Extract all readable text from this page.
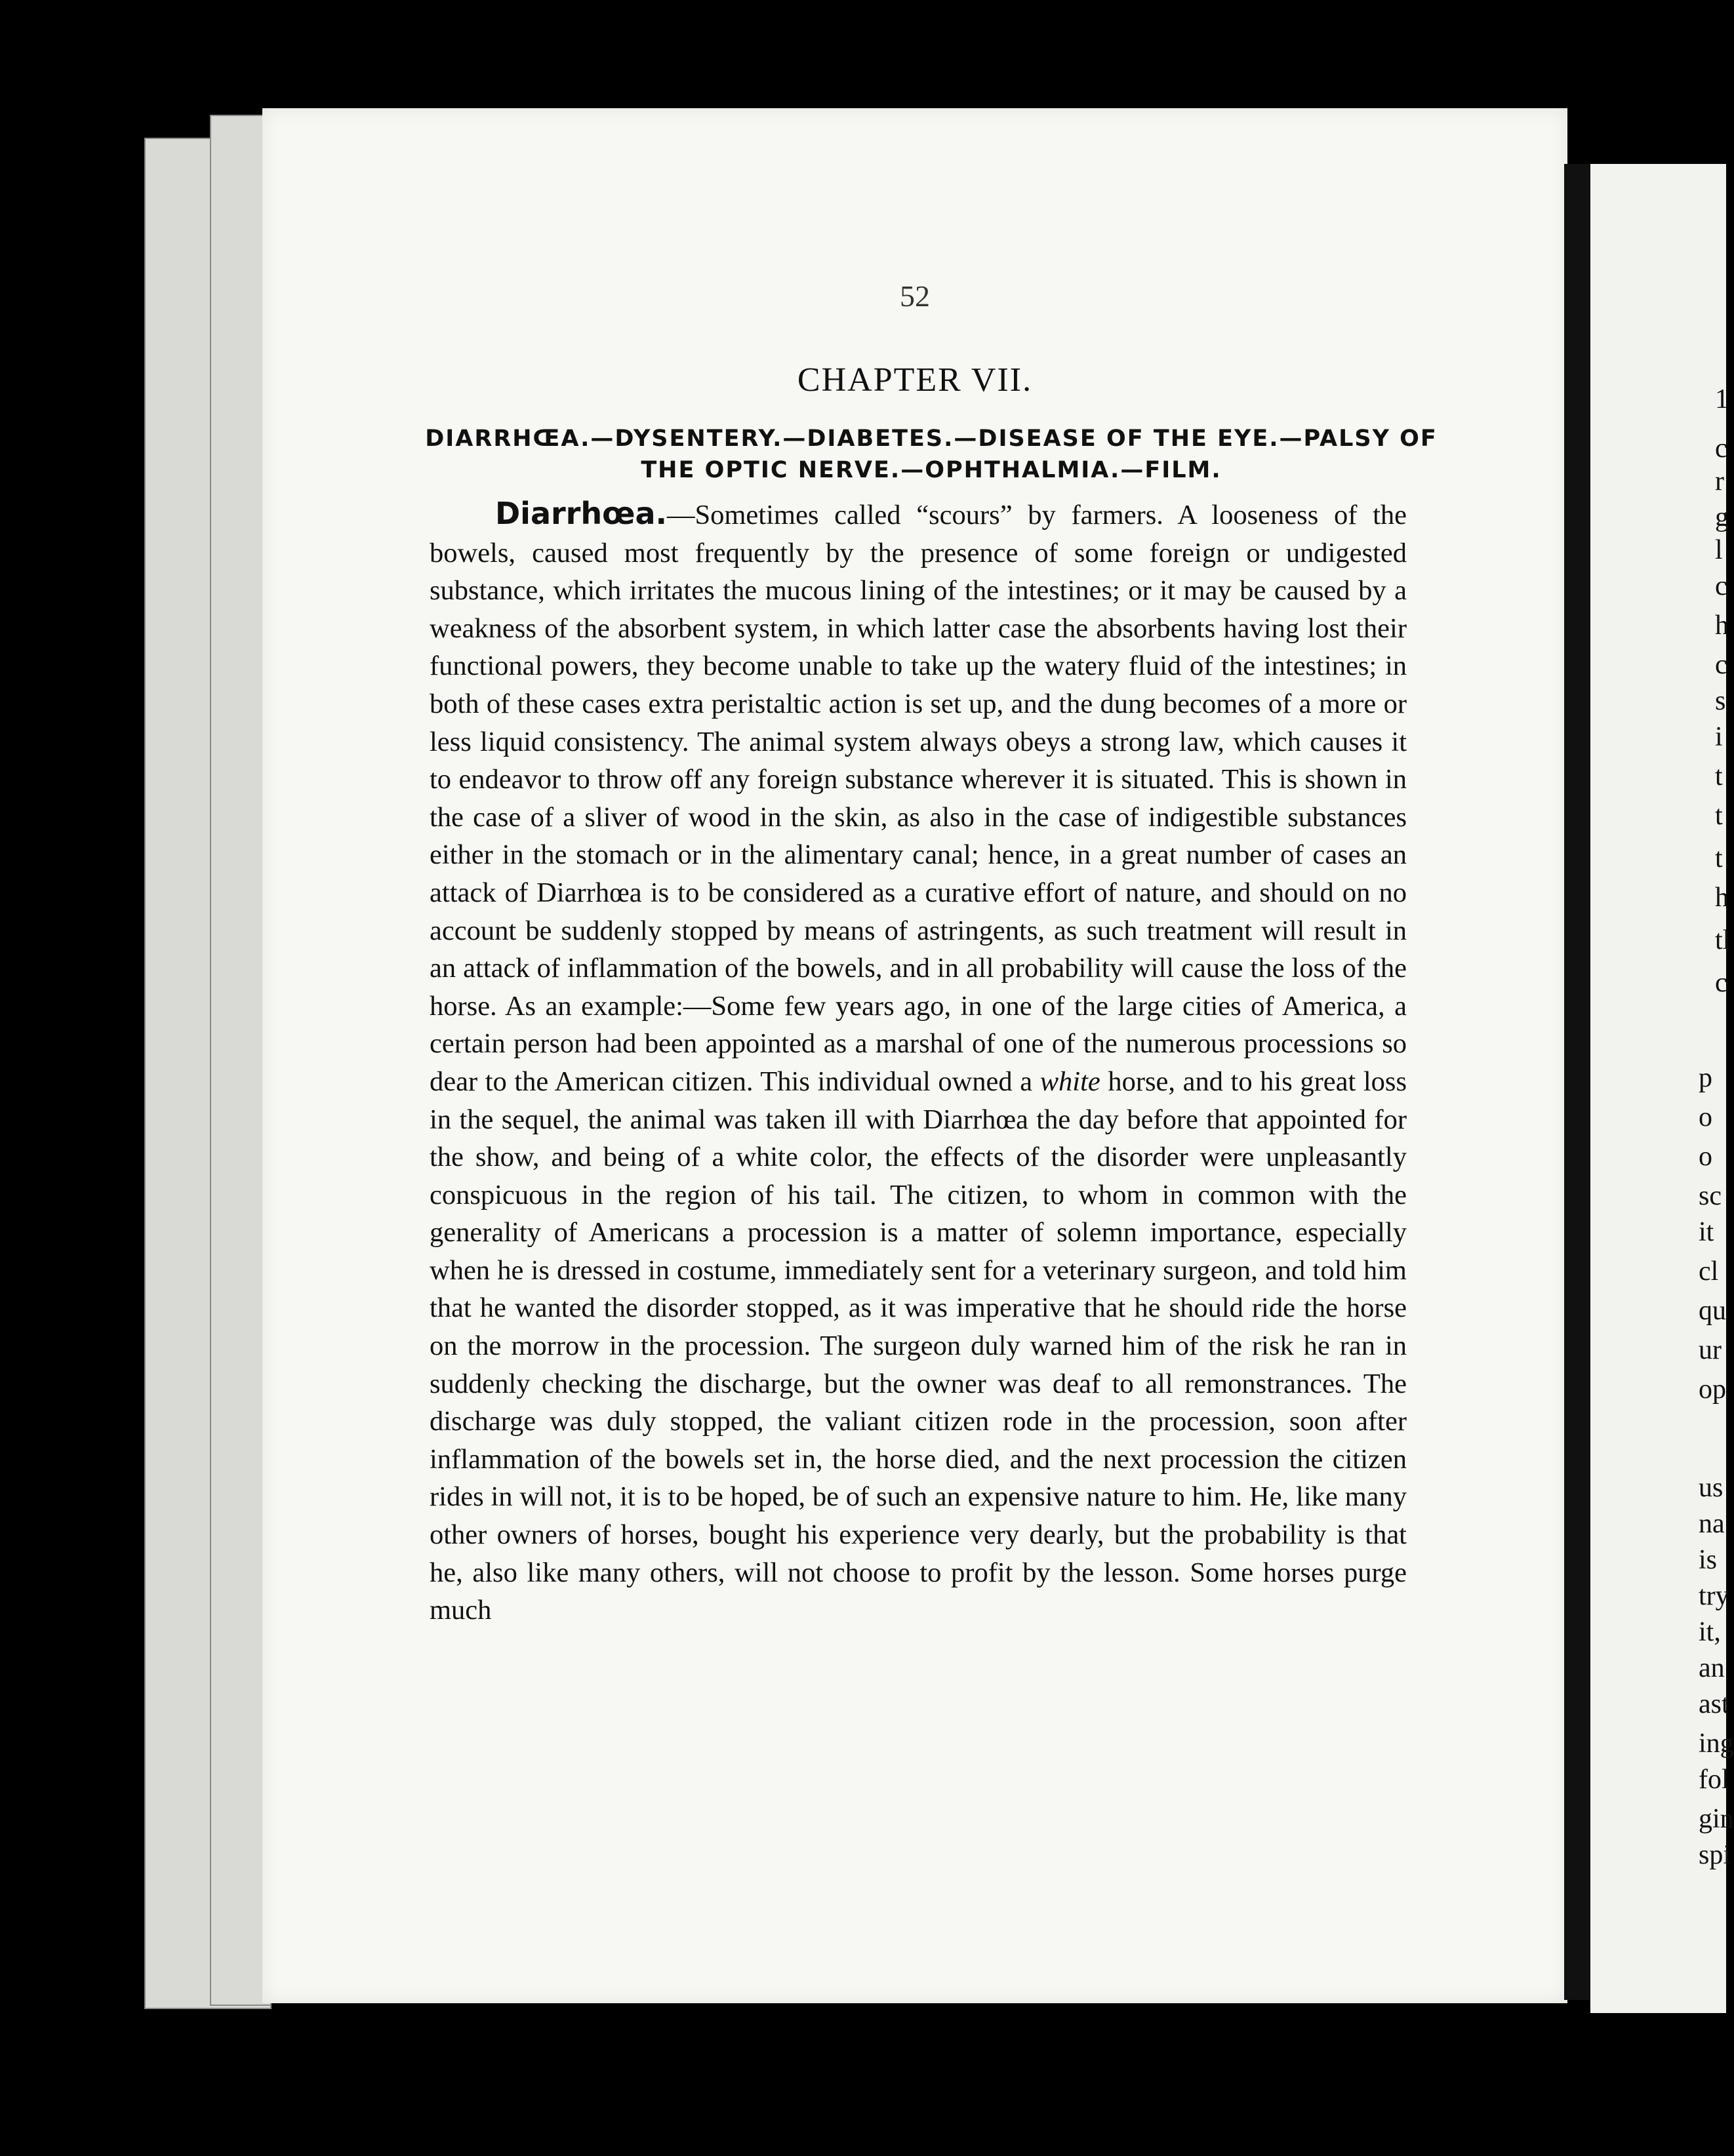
52
CHAPTER VII.
DIARRHŒA.—DYSENTERY.—DIABETES.—DISEASE OF THE EYE.—PALSY OF THE OPTIC NERVE.—OPHTHALMIA.—FILM.
Diarrhœa.—Sometimes called “scours” by farmers. A looseness of the bowels, caused most frequently by the presence of some foreign or undigested substance, which irritates the mucous lining of the intestines; or it may be caused by a weakness of the absorbent system, in which latter case the absorbents having lost their functional powers, they become unable to take up the watery fluid of the intestines; in both of these cases extra peristaltic action is set up, and the dung becomes of a more or less liquid consistency. The animal system always obeys a strong law, which causes it to endeavor to throw off any foreign substance wherever it is situated. This is shown in the case of a sliver of wood in the skin, as also in the case of indigestible substances either in the stomach or in the alimentary canal; hence, in a great number of cases an attack of Diarrhœa is to be considered as a curative effort of nature, and should on no account be suddenly stopped by means of astringents, as such treatment will result in an attack of inflammation of the bowels, and in all probability will cause the loss of the horse. As an example:—Some few years ago, in one of the large cities of America, a certain person had been appointed as a marshal of one of the numerous processions so dear to the American citizen. This individual owned a white horse, and to his great loss in the sequel, the animal was taken ill with Diarrhœa the day before that appointed for the show, and being of a white color, the effects of the disorder were unpleasantly conspicuous in the region of his tail. The citizen, to whom in common with the generality of Americans a procession is a matter of solemn importance, especially when he is dressed in costume, immediately sent for a veterinary surgeon, and told him that he wanted the disorder stopped, as it was imperative that he should ride the horse on the morrow in the procession. The surgeon duly warned him of the risk he ran in suddenly checking the discharge, but the owner was deaf to all remonstrances. The discharge was duly stopped, the valiant citizen rode in the procession, soon after inflammation of the bowels set in, the horse died, and the next procession the citizen rides in will not, it is to be hoped, be of such an expensive nature to him. He, like many other owners of horses, bought his experience very dearly, but the probability is that he, also like many others, will not choose to profit by the lesson. Some horses purge much
1
c
r
g
l
c
h
c
s
i
t
t
t
h
tl
c
p
o
o
sc
it
cl
qu
ur
op
us
na
is
try
it,
an
ast
ing
fol
gin
spi
